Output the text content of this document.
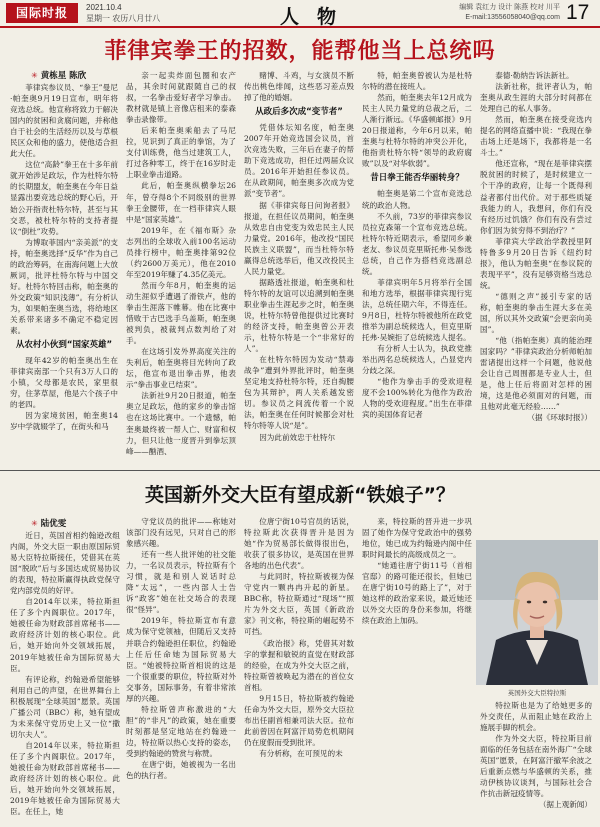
国际时报	2021.10.4
星期一 农历八月廿八	人物	编辑 袁红力 设计 陈燕 校对 川平
E-mail:13556058040@qq.com 17
菲律宾拳王的招数，能帮他当上总统吗
✳ 黄栋星 陈欣

菲律宾参议员、“拳王”曼尼·帕奎奥9月19日宣布，明年将竞选总统。他宣称将致力于解决国内的贫困和贪腐问题，并称他自于社会的生活经历以及与草根民区众和他的盛力，使他适合担此大任。

这位“高龄”拳王在十多年前就开始涉足政坛，作为杜特尔特的长期盟友，帕奎奥在今年日益显露出要竞选总统的野心后，开始公开指责杜特尔特，甚至与其交恶，被杜特尔特的支持者提议“倒杜”攻势。

为博取菲国内“亲美派”的支持，帕奎奥选择“反华”作为自己的政治筹码，在南海问题上大放厥词，批评杜特尔特与中国交好。杜特尔特回击称，帕奎奥的外交政策“知识浅薄”。有分析认为，如果帕奎奥当选，将给地区关系带来诸多不确定不稳定因素。

从农村小伙到“国家英雄”

现年42岁的帕奎奥出生在菲律宾南部一个只有3万人口的小镇，父母都是农民，家里很穷，住茅草屋，他是六个孩子中的老四。

因为家境贫困，帕奎奥14岁中学就辍学了，在街头和马

亲一起卖炸面包圈和农产品，其余时间就跟随自己的叔叔，一名拳击爱好者学习拳击。教材就是镇上音像店租来的泰森拳击录像带。

后来帕奎奥乘船去了马尼拉，见识到了真正的拳馆，为了支付训练费，他当过建筑工人，打过各种零工，终于在16岁时走上职业拳击道路。

此后，帕奎奥纵横拳坛26年，曾夺得8个不同级别的世界拳王金腰带，在一档菲律宾人眼中是“国家英雄”。

2019年，在《福布斯》杂志列出的全球收入前100名运动员排行榜中，帕奎奥排第92位（约2600万美元），他在2010年至2019年赚了4.35亿美元。

然而今年8月，帕奎奥的运动生涯似乎遭遇了滑铁卢，他的拳击生涯落下帷幕。他在比赛中惜败于古巴选手乌盖斯，帕奎奥被判负，被裁判点数判给了对手。

在这场引发外界高度关注的失利后，帕奎奥将目光转向了政坛，他宣布退出拳击界，他表示“拳击事业已结束”。

法新社9月20日报道，帕奎奥立足政坛，他的家乡的拳击馆也在这场比赛中。一个遗憾，帕奎奥最终被一帮人亡、财富和权力，但只让他一度晋升到拳坛顶峰——酗酒、

赌博、斗鸡，与女演员不断传出桃色绯闻，这些恶习差点毁掉了他的婚姻。

从政后多次成“变节者”

凭借体坛知名度，帕奎奥2007年开始竞选国会议员，首次竞选失败，三年后在妻子的帮助下竞选成功，担任过两届众议员。2016年开始担任参议员。在从政期间，帕奎奥多次成为党派“变节者”。

据《菲律宾每日问询者报》报道，在担任议员期间，帕奎奥从效忠自由党变为效忠民主人民力量党。2016年，他改投“国民民族主义联盟”，而当杜特尔特赢得总统选举后，他又改投民主人民力量党。

据路透社报道，帕奎奥和杜特尔特的友谊可以追溯到帕奎奥职业拳击生涯起步之时，帕奎奥说，杜特尔特曾他提供过比赛时的经济支持，帕奎奥曾公开表示，杜特尔特是一个“非常好的人”。

在杜特尔特因为发动“禁毒战争”遭到外界批评时，帕奎奥坚定地支持杜特尔特，还自掏腰包为其辩护，两人关系越发密切。参议员之间流传着一个说法，帕奎奥在任何时候都会对杜特尔特等人说“是”。

因为此前效忠于杜特尔

特，帕奎奥曾被认为是杜特尔特的潜在接班人。

然而，帕奎奥去年12月成为民主人民力量党的总裁之后，二人渐行渐远。《华盛顿邮报》9月20日报道称，今年6月以来，帕奎奥与杜特尔特的冲突公开化，他指责杜特尔特“领导的政府腐败”以及“对华软弱”。

昔日拳王能否华丽转身？

帕奎奥是第二个宣布竞选总统的政治人物。

不久前，73岁的菲律宾参议员拉克森第一个宣布竞选总统。杜特尔特近期表示，希望同乡兼老友、参议员克里斯托弗·吴参选总统，自己作为搭档竞选副总统。

菲律宾明年5月将举行全国和地方选举，根据菲律宾现行宪法，总统任期六年，不得连任。9月8日，杜特尔特被他所在政党推举为副总统候选人，但克里斯托弗·吴婉拒了总统候选人提名。

有分析人士认为，执政党推举出两名总统候选人，凸显党内分歧之深。

“他作为拳击手的受欢迎程度不会100%转化为他作为政治人物的受欢迎程度。”出生在菲律宾的美国体育记者

泰德·勒纳告诉法新社。

法新社称，批评者认为，帕奎奥从政生涯的大部分时间都在处理自己的私人事务。

然而，帕奎奥在接受竞选内提名的网络直播中说：“我现在拳击场上还是场下，我都将是一名斗士。”

他还宣称，“现在是菲律宾摆脱贫困的时候了，是时候建立一个干净的政府，让每一个既得利益者都付出代价。对于那些质疑我能力的人，我想问，你们有没有经历过饥饿？你们有没有尝过你们因为贫穷得不到治疗？”

菲律宾大学政治学教授里阿特鲁多9月20日告诉《纽约时报》，他认为帕奎奥“在参议院的表现平平”，没有足够资格当选总统。

“德则之声”援引专家的话称，帕奎奥的拳击生涯大多在美国，所以其外交政策“会更亲向美国”。

“他（指帕奎奥）真的能治理国家吗？”菲律宾政治分析师帕加雷诸提出这样一个问题，他说他会让自己周围都是专业人士，但是，他上任后将面对怎样的困境，这是他必须面对的问题，而且他对此毫无经验……”

（据《环球时报》）

英国新外交大臣有望成新“铁娘子”？
✳ 陆优雯

近日，英国首相约翰逊改组内阁，外交大臣一职由原国际贸易大臣特拉斯接任，凭借其在英国“脱欧”后与多国达成贸易协议的表现，特拉斯赢得执政党保守党内部党员的好评。

自2014年以来，特拉斯担任了多个内阁职位。2017年，她被任命为财政部首席秘书——政府经济计划的核心职位。此后，她开始向外交领域拓展，2019年她被任命为国际贸易大臣。

有评论称，约翰逊希望能够利用自己的声望，在世界舞台上积极展现“全球英国”愿景。英国广播公司（BBC）称，她有望成为未来保守党历史上又一位“撒切尔夫人”。

自2014年以来，特拉斯担任了多个内阁职位。2017年，她被任命为财政部首席秘书——政府经济计划的核心职位。此后，她开始向外交领域拓展，2019年她被任命为国际贸易大臣。在任上，她

守党议员的批评——称她对该部门没有远见，只对自己的形象感兴趣。

还有一些人批评她的社交能力，一名议员表示，特拉斯有个习惯，就是和别人说话时总降“太远”，一些内部人士告诉“政客”她在社交场合的表现很“怪异”。

2019年，特拉斯宣布有意成为保守党领袖，但随后又支持并联合约翰逊担任职位，约翰逊上任后任命她为国际贸易大臣。“她被特拉斯首相说的这是一个很重要的职位，特拉斯对外交事务，国际事务，有着非常浓厚的兴趣。

特拉斯曾声称激进的“大胆”的“非凡”的政策，她在重要时刻都是坚定地站在约翰逊一边，特拉斯以热心支持的姿态，受到约翰逊的赞赏与称赞。

在唐宁街，她被视为一名出色的执行者。

位唐宁街10号官员的话说，特拉斯此次获得晋升是因为她“作为贸易部长做得很出色，收获了很多协议，是英国在世界各地的出色代表”。

与此同时，特拉斯被视为保守党内一颗冉冉升起的新星。BBC称，特拉斯通过“现场”“照片为外交大臣，英国《新政治家》刊文称，特拉斯的崛起势不可挡。

《政治报》称，凭借其对数字的掌握和敏锐的直觉在财政部的经验，在成为外交大臣之前，特拉斯曾被唤起为潜在的首位女首相。

9月15日，特拉斯被约翰逊任命为外交大臣，原外交大臣拉布出任副首相兼司法大臣。拉布此前曾因在阿富汗局势危机期间仍在度假而受到批评。

有分析称，在可预见的未

来，特拉斯的晋升进一步巩固了她作为保守党政治中的强势地位，她已成为约翰逊内阁中任职时间最长的高级成员之一。

“她通往唐宁街11号（首相官邸）的路可能还很长，但她已在唐宁街10号的路上了”，对于她这样的政治家来说，最近她还以外交大臣的身份来参加，将继续在政治上加码。

英国外交大臣特拉斯

特拉斯也是为了给她更多的外交责任，从而阻止她在政治上施展手脚的机会。

作为外交大臣，特拉斯目前面临的任务包括在南外海广“全球英国”愿景，在阿富汗撤军余波之后重新点燃与华盛顿的关系，推动伊核协议谈判，与国际社会合作抗击新冠疫情等。

（据上观新闻）
